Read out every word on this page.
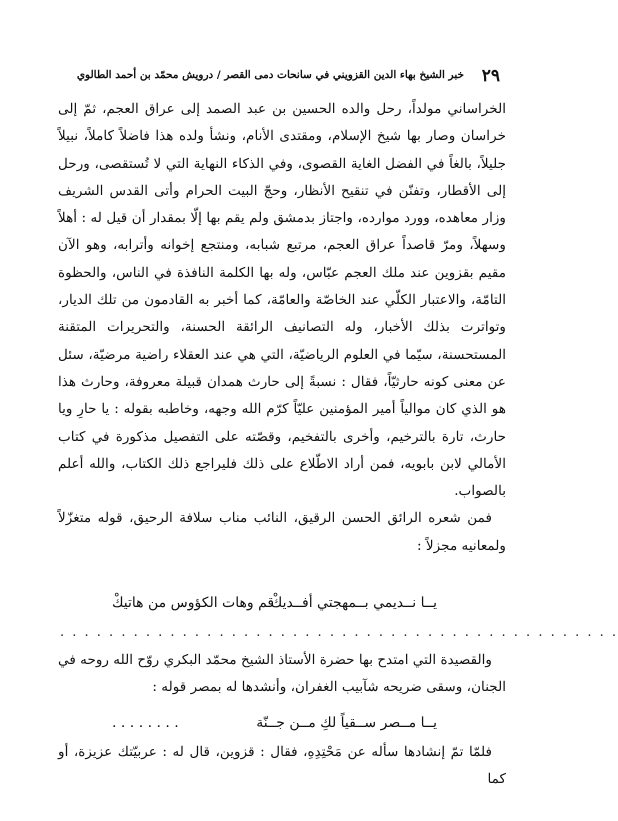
٢٩
خبر الشيخ بهاء الدين القزويني في سانحات دمى القصر / درويش محمّد بن أحمد الطالوي

الخراساني مولداً، رحل والده الحسين بن عبد الصمد إلى عراق العجم، ثمّ إلى خراسان وصار بها شيخ الإسلام، ومقتدى الأنام، ونشأ ولده هذا فاضلاً كاملاً، نبيلاً جليلاً، بالغاً في الفضل الغاية القصوى، وفي الذكاء النهاية التي لا تُستقصى، ورحل إلى الأقطار، وتفنّن في تنقيح الأنظار، وحجّ البيت الحرام وأتى القدس الشريف وزار معاهده، وورد موارده، واجتاز بدمشق ولم يقم بها إلّا بمقدار أن قيل له : أهلاً وسهلاً، ومرّ قاصداً عراق العجم، مرتبع شبابه، ومنتجع إخوانه وأترابه، وهو الآن مقيم بقزوين عند ملك العجم عبّاس، وله بها الكلمة النافذة في الناس، والحظوة التامّة، والاعتبار الكلّي عند الخاصّة والعامّة، كما أخبر به القادمون من تلك الديار، وتواترت بذلك الأخبار، وله التصانيف الرائقة الحسنة، والتحريرات المتقنة المستحسنة، سيّما في العلوم الرياضيّة، التي هي عند العقلاء راضية مرضيّة، سئل عن معنى كونه حارثيّاً، فقال : نسبةً إلى حارث همدان قبيلة معروفة، وحارث هذا هو الذي كان موالياً أمير المؤمنين عليّاً كرّم الله وجهه، وخاطبه بقوله : يا حارِ ويا حارث، تارة بالترخيم، وأخرى بالتفخيم، وقصّته على التفصيل مذكورة في كتاب الأمالي لابن بابويه، فمن أراد الاطّلاع على ذلك فليراجع ذلك الكتاب، والله أعلم بالصواب.

فمن شعره الرائق الحسن الرقيق، النائب مناب سلافة الرحيق، قوله متغزّلاً ولمعانيه مجزلاً :

يــا نــديمي بــمهجتي أفــديكْ
قم وهات الكؤوس من هاتيكْ
. . . . . . . . . . . . . . . . . . . . . . . . . . . . . . . . . . . . . . . . . . . . . .

والقصيدة التي امتدح بها حضرة الأستاذ الشيخ محمّد البكري روّح الله روحه في الجنان، وسقى ضريحه شآبيب الغفران، وأنشدها له بمصر قوله :

يــا مــصر ســقياً لكِ مــن جــنّة
. . . . . . . .

فلمّا تمّ إنشادها سأله عن مَحْتِدِهِ، فقال : قزوين، قال له : عربيّتك عزيزة، أو كما
